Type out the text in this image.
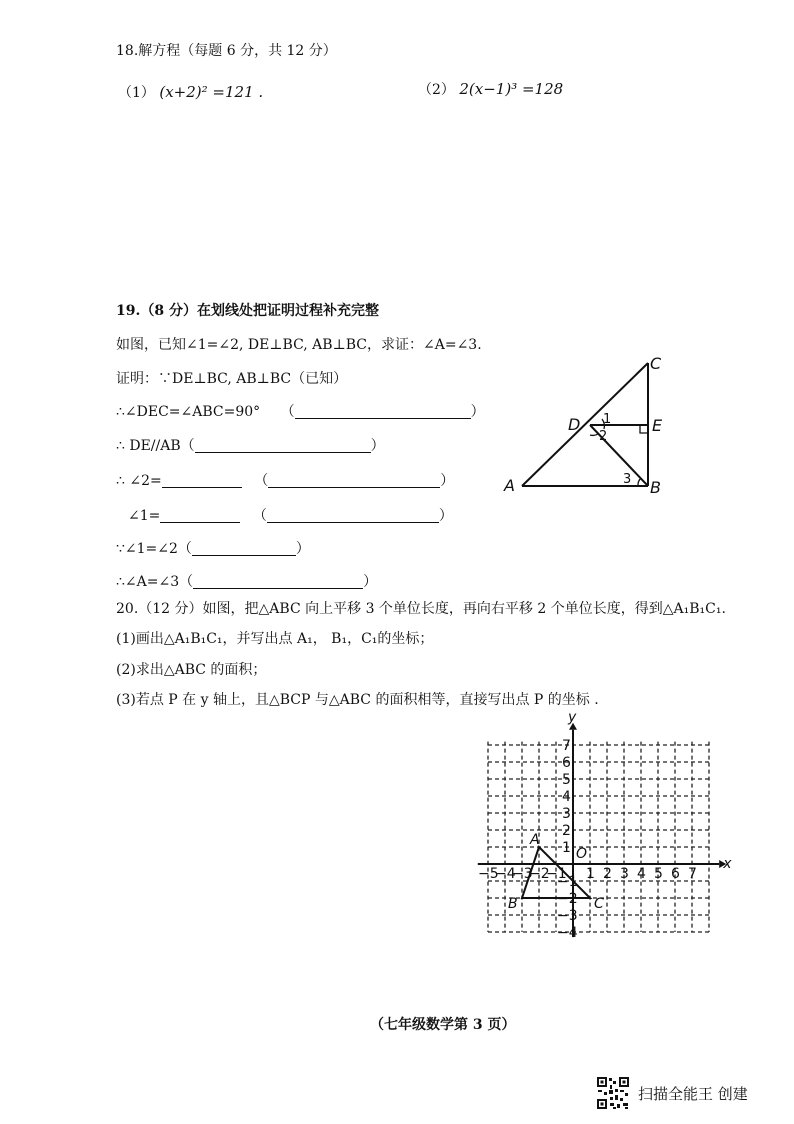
18.解方程（每题 6 分，共 12 分）
（1） (x+2)² =121 .	（2） 2(x−1)³ =128
19.（8 分）在划线处把证明过程补充完整
如图，已知∠1=∠2, DE⊥BC, AB⊥BC，求证：∠A=∠3.
证明：∵DE⊥BC, AB⊥BC（已知）
∴∠DEC=∠ABC=90° （	）
∴ DE//AB（	）
∴ ∠2=	（	）
∠1=	（	）
∵∠1=∠2（	）
∴∠A=∠3（	）
C
D	E
A	B
1
2
3
20.（12 分）如图，把△ABC 向上平移 3 个单位长度，再向右平移 2 个单位长度，得到△A₁B₁C₁.
(1)画出△A₁B₁C₁，并写出点 A₁， B₁，C₁的坐标；
(2)求出△ABC 的面积；
(3)若点 P 在 y 轴上，且△BCP 与△ABC 的面积相等，直接写出点 P 的坐标 .
−5
−4
−3
−2
−1 1 2 3 4 5 6 7
7
6
5
4
3
2
1
−1
−2
−3
−4
x
y
O
A
B	C
（七年级数学第 3 页）
扫描全能王 创建
